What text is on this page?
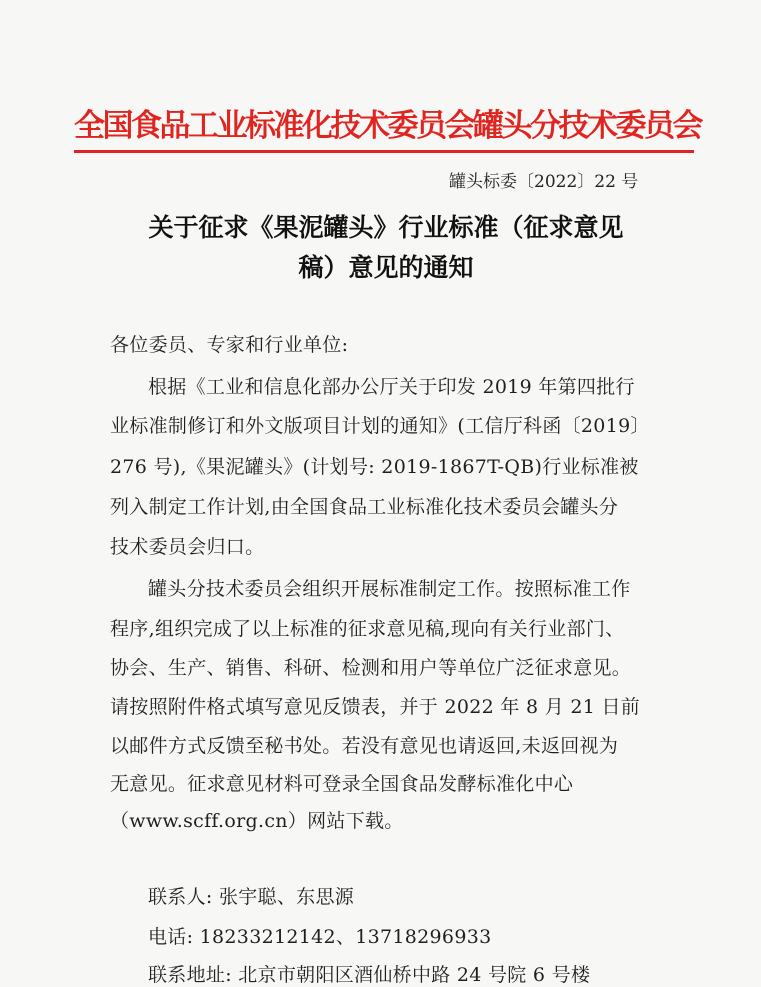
全国食品工业标准化技术委员会罐头分技术委员会
罐头标委〔2022〕22 号
关于征求《果泥罐头》行业标准（征求意见
稿）意见的通知
各位委员、专家和行业单位:
根据《工业和信息化部办公厅关于印发 2019 年第四批行
业标准制修订和外文版项目计划的通知》(工信厅科函〔2019〕
276 号),《果泥罐头》(计划号: 2019-1867T-QB)行业标准被
列入制定工作计划,由全国食品工业标准化技术委员会罐头分
技术委员会归口。
罐头分技术委员会组织开展标准制定工作。按照标准工作
程序,组织完成了以上标准的征求意见稿,现向有关行业部门、
协会、生产、销售、科研、检测和用户等单位广泛征求意见。
请按照附件格式填写意见反馈表，并于 2022 年 8 月 21 日前
以邮件方式反馈至秘书处。若没有意见也请返回,未返回视为
无意见。征求意见材料可登录全国食品发酵标准化中心
（www.scff.org.cn）网站下载。
联系人: 张宇聪、东思源
电话: 18233212142、13718296933
联系地址: 北京市朝阳区酒仙桥中路 24 号院 6 号楼
